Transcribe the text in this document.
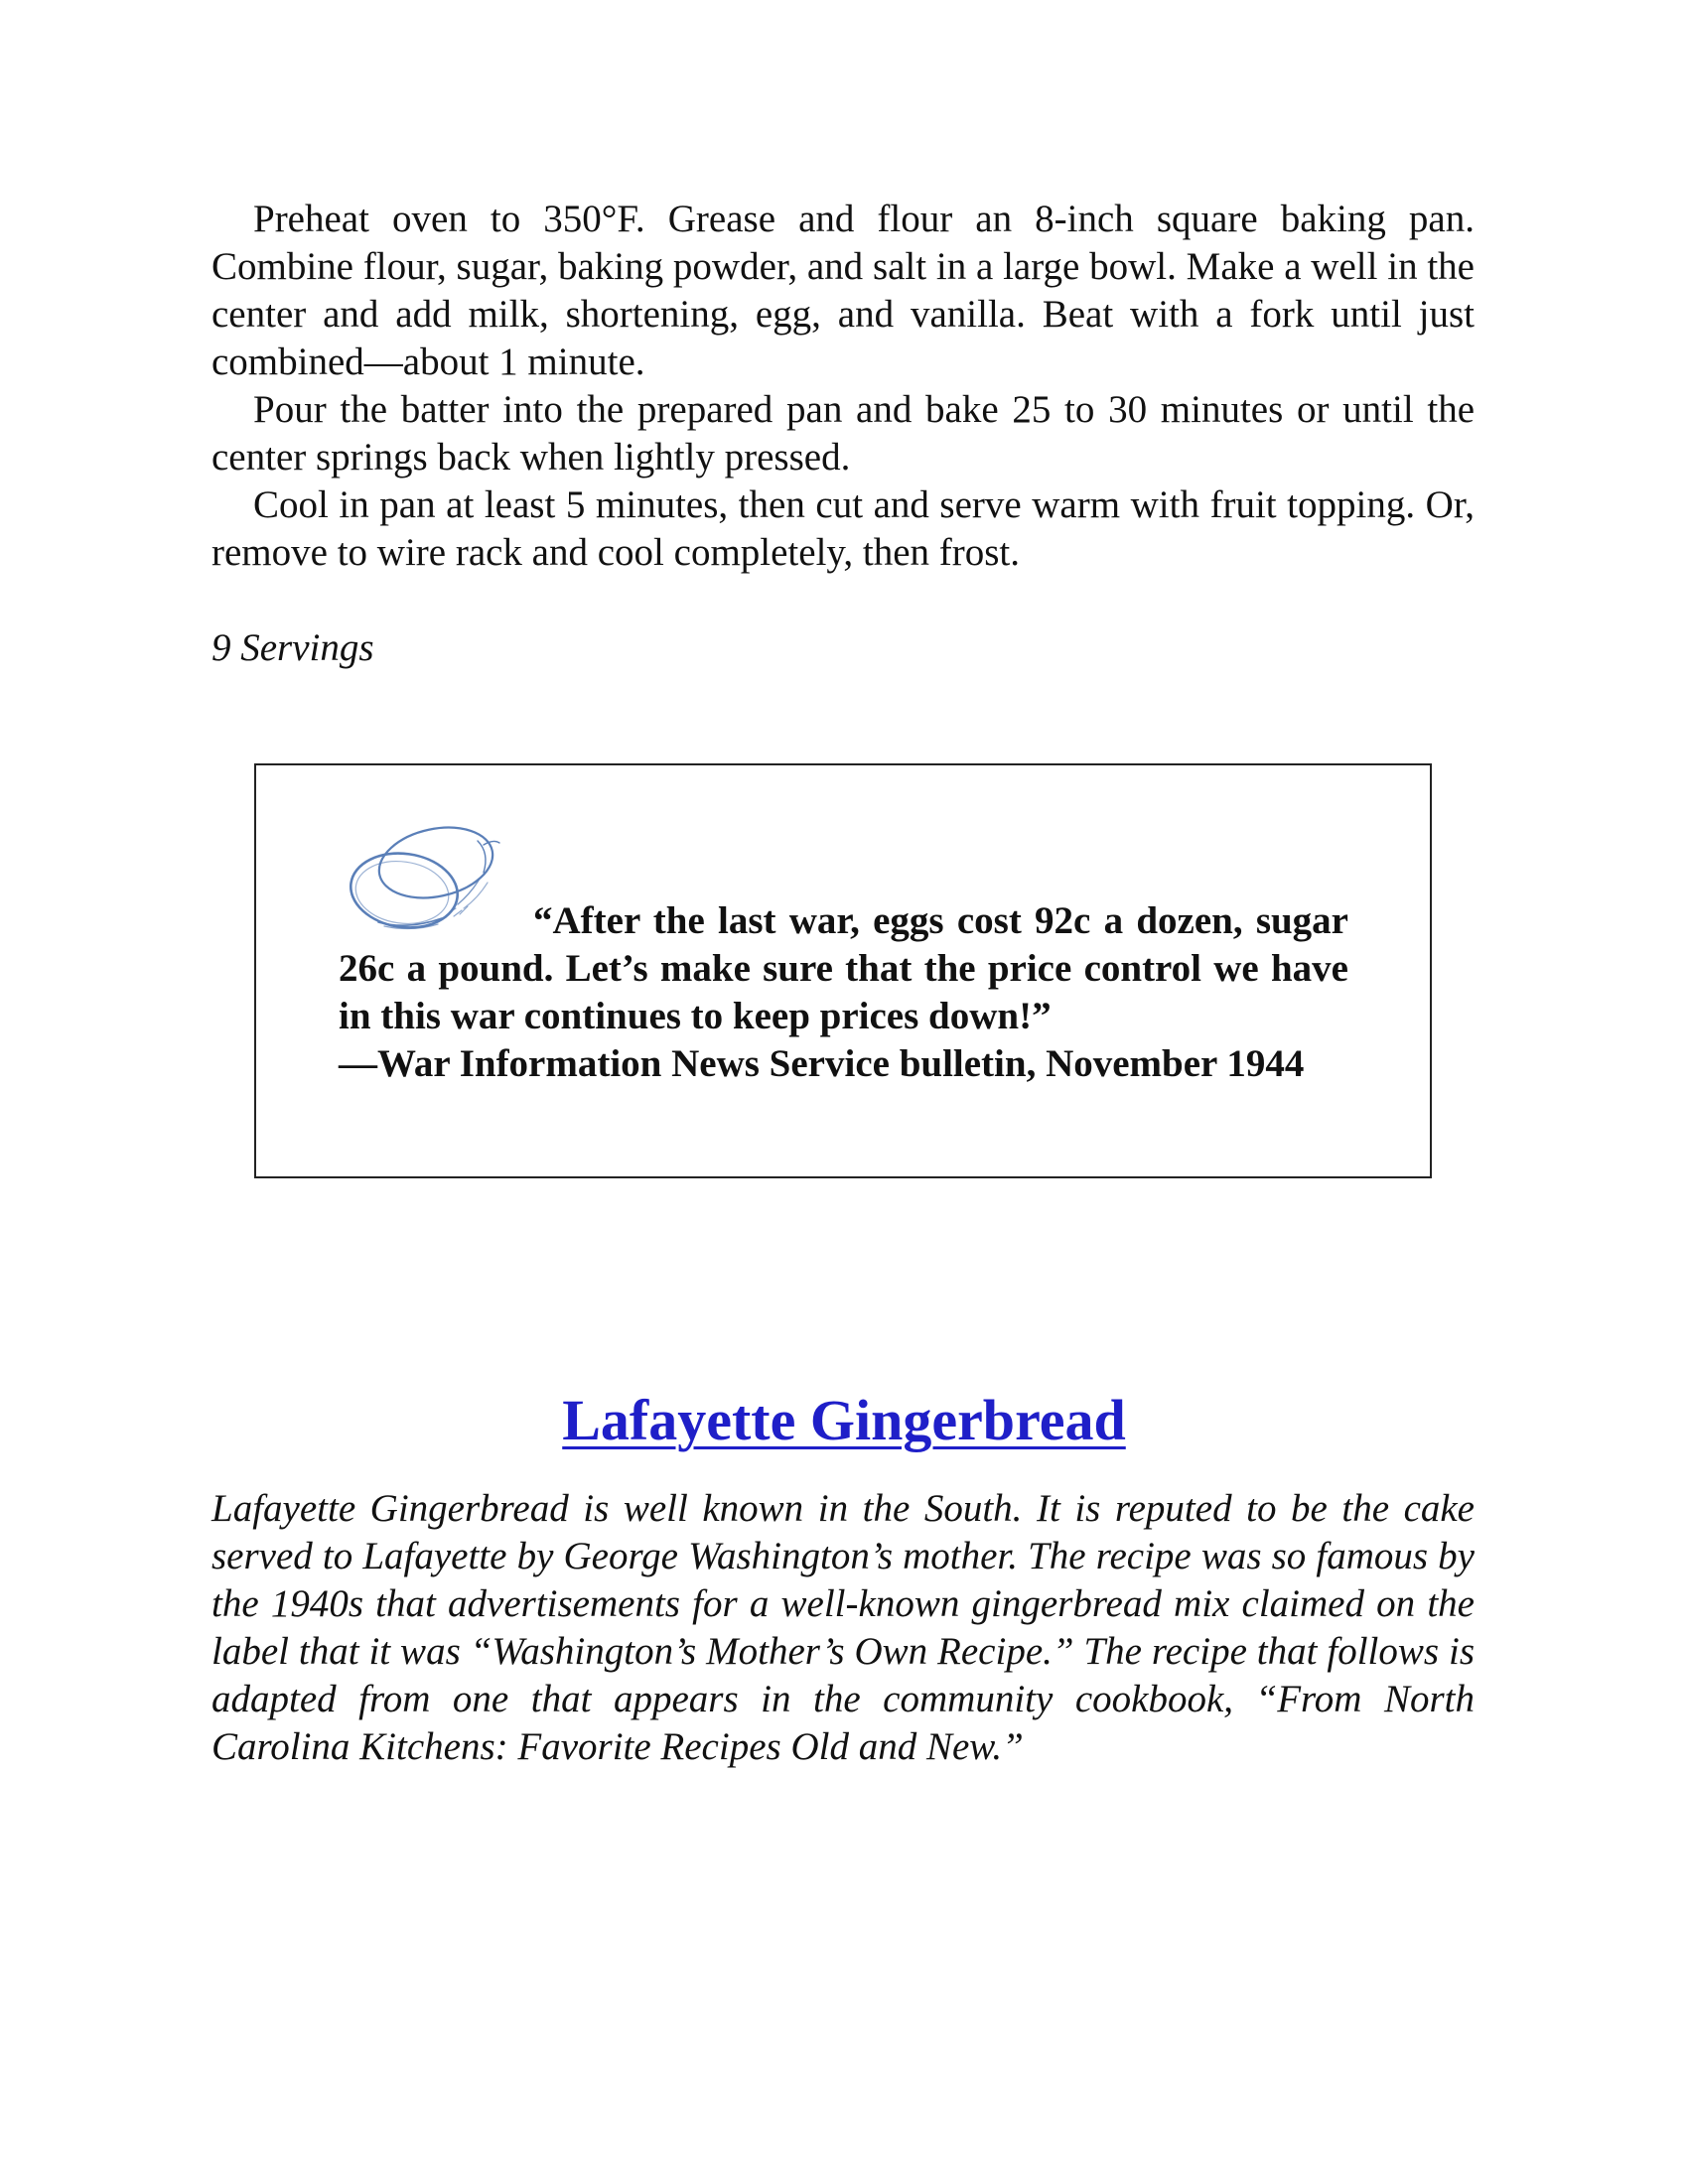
Preheat oven to 350°F. Grease and flour an 8-inch square baking pan. Combine flour, sugar, baking powder, and salt in a large bowl. Make a well in the center and add milk, shortening, egg, and vanilla. Beat with a fork until just combined—about 1 minute.

Pour the batter into the prepared pan and bake 25 to 30 minutes or until the center springs back when lightly pressed.

Cool in pan at least 5 minutes, then cut and serve warm with fruit topping. Or, remove to wire rack and cool completely, then frost.

9 Servings

“After the last war, eggs cost 92c a dozen, sugar 26c a pound. Let’s make sure that the price control we have in this war continues to keep prices down!”

—War Information News Service bulletin, November 1944

Lafayette Gingerbread

Lafayette Gingerbread is well known in the South. It is reputed to be the cake served to Lafayette by George Washington’s mother. The recipe was so famous by the 1940s that advertisements for a well-known gingerbread mix claimed on the label that it was “Washington’s Mother’s Own Recipe.” The recipe that follows is adapted from one that appears in the community cookbook, “From North Carolina Kitchens: Favorite Recipes Old and New.”
